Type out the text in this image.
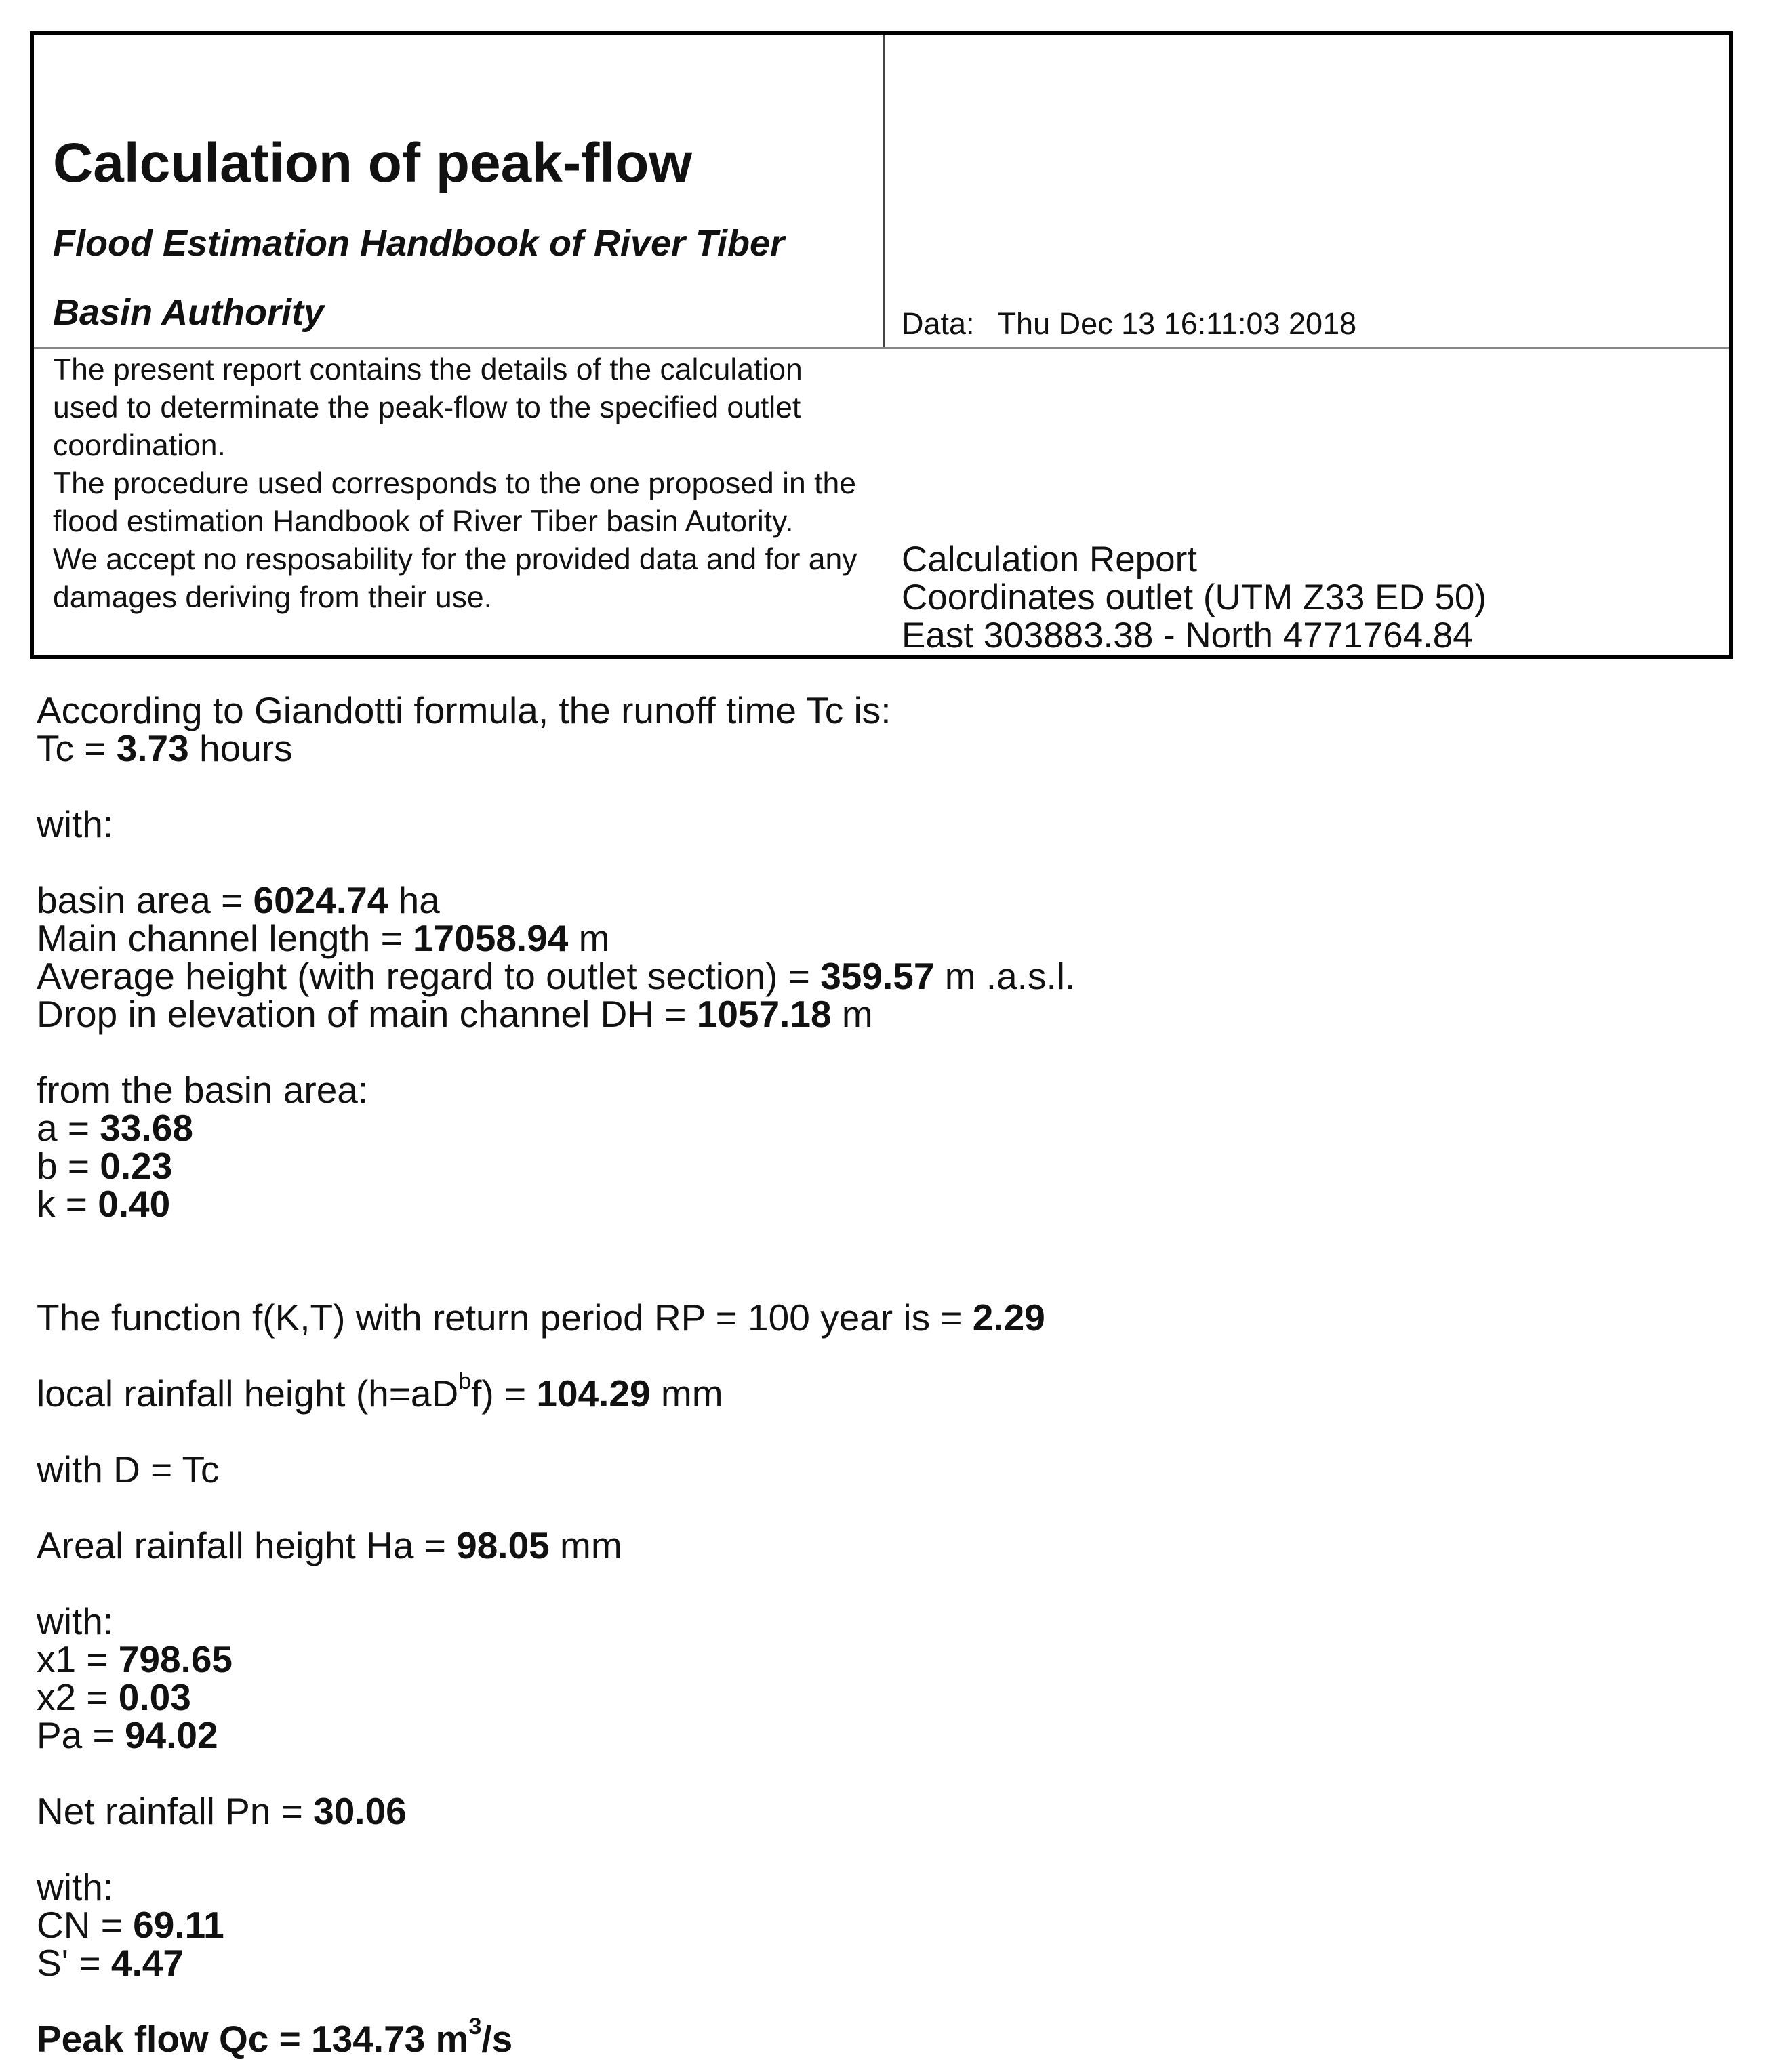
Calculation of peak-flow
Flood Estimation Handbook of River Tiber
Basin Authority	Data: Thu Dec 13 16:11:03 2018

The present report contains the details of the calculation used to determinate the peak-flow to the specified outlet coordination.

The procedure used corresponds to the one proposed in the flood estimation Handbook of River Tiber basin Autority.

We accept no resposability for the provided data and for any damages deriving from their use.

Calculation Report
Coordinates outlet (UTM Z33 ED 50)
East 303883.38 - North 4771764.84
According to Giandotti formula, the runoff time Tc is:
Tc = 3.73 hours
with:
basin area = 6024.74 ha
Main channel length = 17058.94 m
Average height (with regard to outlet section) = 359.57 m .a.s.l.
Drop in elevation of main channel DH = 1057.18 m
from the basin area:
a = 33.68
b = 0.23
k = 0.40
The function f(K,T) with return period RP = 100 year is = 2.29
local rainfall height $(h=aD^bf) = 104.29$ mm
with D = Tc
Areal rainfall height Ha = 98.05 mm
with:
x1 = 798.65
x2 = 0.03
Pa = 94.02
Net rainfall Pn = 30.06
with:
CN = 69.11
S' = 4.47
Peak flow Qc = 134.73 $m^3/s$
